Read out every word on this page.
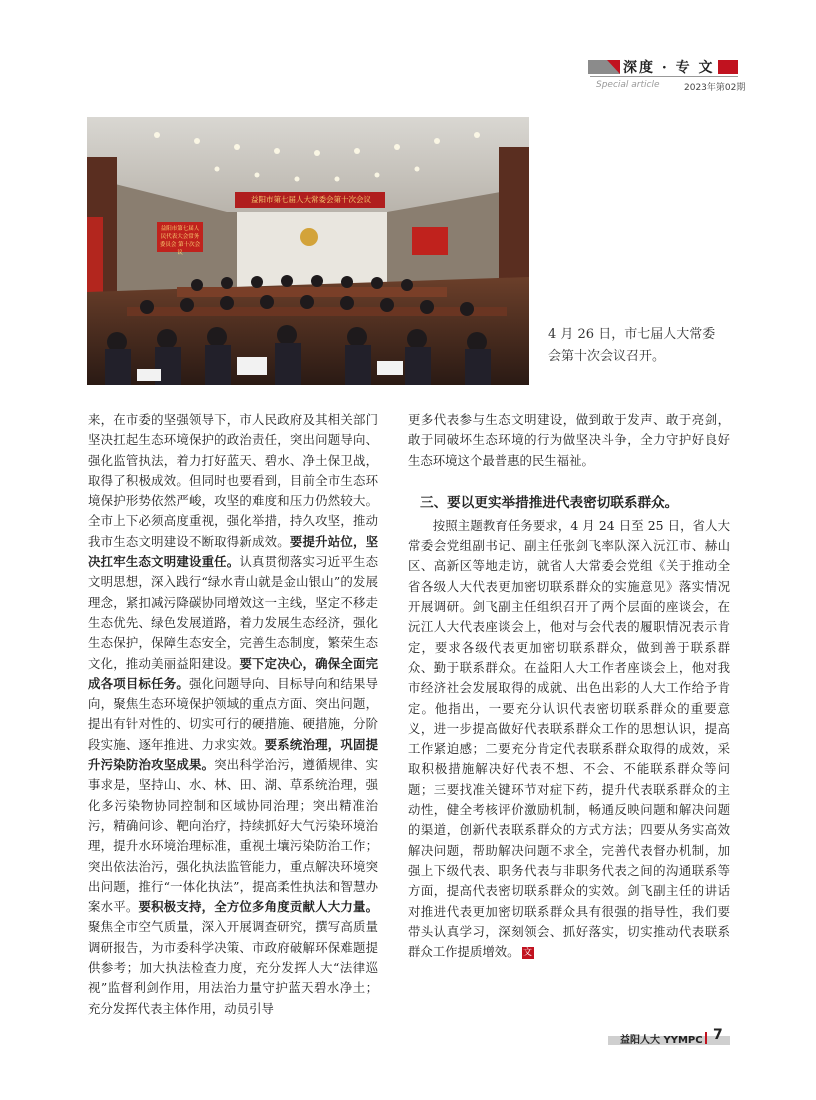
深度 · 专 文
Special article	2023年第02期
益阳市第七届人大常委会第十次会议
益阳市第七届人民代表大会常务委员会 第十次会议
4 月 26 日，市七届人大常委会第十次会议召开。

来，在市委的坚强领导下，市人民政府及其相关部门坚决扛起生态环境保护的政治责任，突出问题导向、强化监管执法，着力打好蓝天、碧水、净土保卫战，取得了积极成效。但同时也要看到，目前全市生态环境保护形势依然严峻，攻坚的难度和压力仍然较大。全市上下必须高度重视，强化举措，持久攻坚，推动我市生态文明建设不断取得新成效。要提升站位，坚决扛牢生态文明建设重任。认真贯彻落实习近平生态文明思想，深入践行“绿水青山就是金山银山”的发展理念，紧扣减污降碳协同增效这一主线，坚定不移走生态优先、绿色发展道路，着力发展生态经济，强化生态保护，保障生态安全，完善生态制度，繁荣生态文化，推动美丽益阳建设。要下定决心，确保全面完成各项目标任务。强化问题导向、目标导向和结果导向，聚焦生态环境保护领域的重点方面、突出问题，提出有针对性的、切实可行的硬措施、硬措施，分阶段实施、逐年推进、力求实效。要系统治理，巩固提升污染防治攻坚成果。突出科学治污，遵循规律、实事求是，坚持山、水、林、田、湖、草系统治理，强化多污染物协同控制和区域协同治理；突出精准治污，精确问诊、靶向治疗，持续抓好大气污染环境治理，提升水环境治理标准，重视土壤污染防治工作；突出依法治污，强化执法监管能力，重点解决环境突出问题，推行“一体化执法”，提高柔性执法和智慧办案水平。要积极支持，全方位多角度贡献人大力量。聚焦全市空气质量，深入开展调查研究，撰写高质量调研报告，为市委科学决策、市政府破解环保难题提供参考；加大执法检查力度，充分发挥人大“法律巡视”监督利剑作用，用法治力量守护蓝天碧水净土；充分发挥代表主体作用，动员引导

更多代表参与生态文明建设，做到敢于发声、敢于亮剑，敢于同破坏生态环境的行为做坚决斗争，全力守护好良好生态环境这个最普惠的民生福祉。

三、要以更实举措推进代表密切联系群众。

按照主题教育任务要求，4 月 24 日至 25 日，省人大常委会党组副书记、副主任张剑飞率队深入沅江市、赫山区、高新区等地走访，就省人大常委会党组《关于推动全省各级人大代表更加密切联系群众的实施意见》落实情况开展调研。剑飞副主任组织召开了两个层面的座谈会，在沅江人大代表座谈会上，他对与会代表的履职情况表示肯定，要求各级代表更加密切联系群众，做到善于联系群众、勤于联系群众。在益阳人大工作者座谈会上，他对我市经济社会发展取得的成就、出色出彩的人大工作给予肯定。他指出，一要充分认识代表密切联系群众的重要意义，进一步提高做好代表联系群众工作的思想认识，提高工作紧迫感；二要充分肯定代表联系群众取得的成效，采取积极措施解决好代表不想、不会、不能联系群众等问题；三要找准关键环节对症下药，提升代表联系群众的主动性，健全考核评价激励机制，畅通反映问题和解决问题的渠道，创新代表联系群众的方式方法；四要从务实高效解决问题，帮助解决问题不求全，完善代表督办机制，加强上下级代表、职务代表与非职务代表之间的沟通联系等方面，提高代表密切联系群众的实效。剑飞副主任的讲话对推进代表更加密切联系群众具有很强的指导性，我们要带头认真学习，深刻领会、抓好落实，切实推动代表联系群众工作提质增效。 文

益阳人大 YYMPC 7
